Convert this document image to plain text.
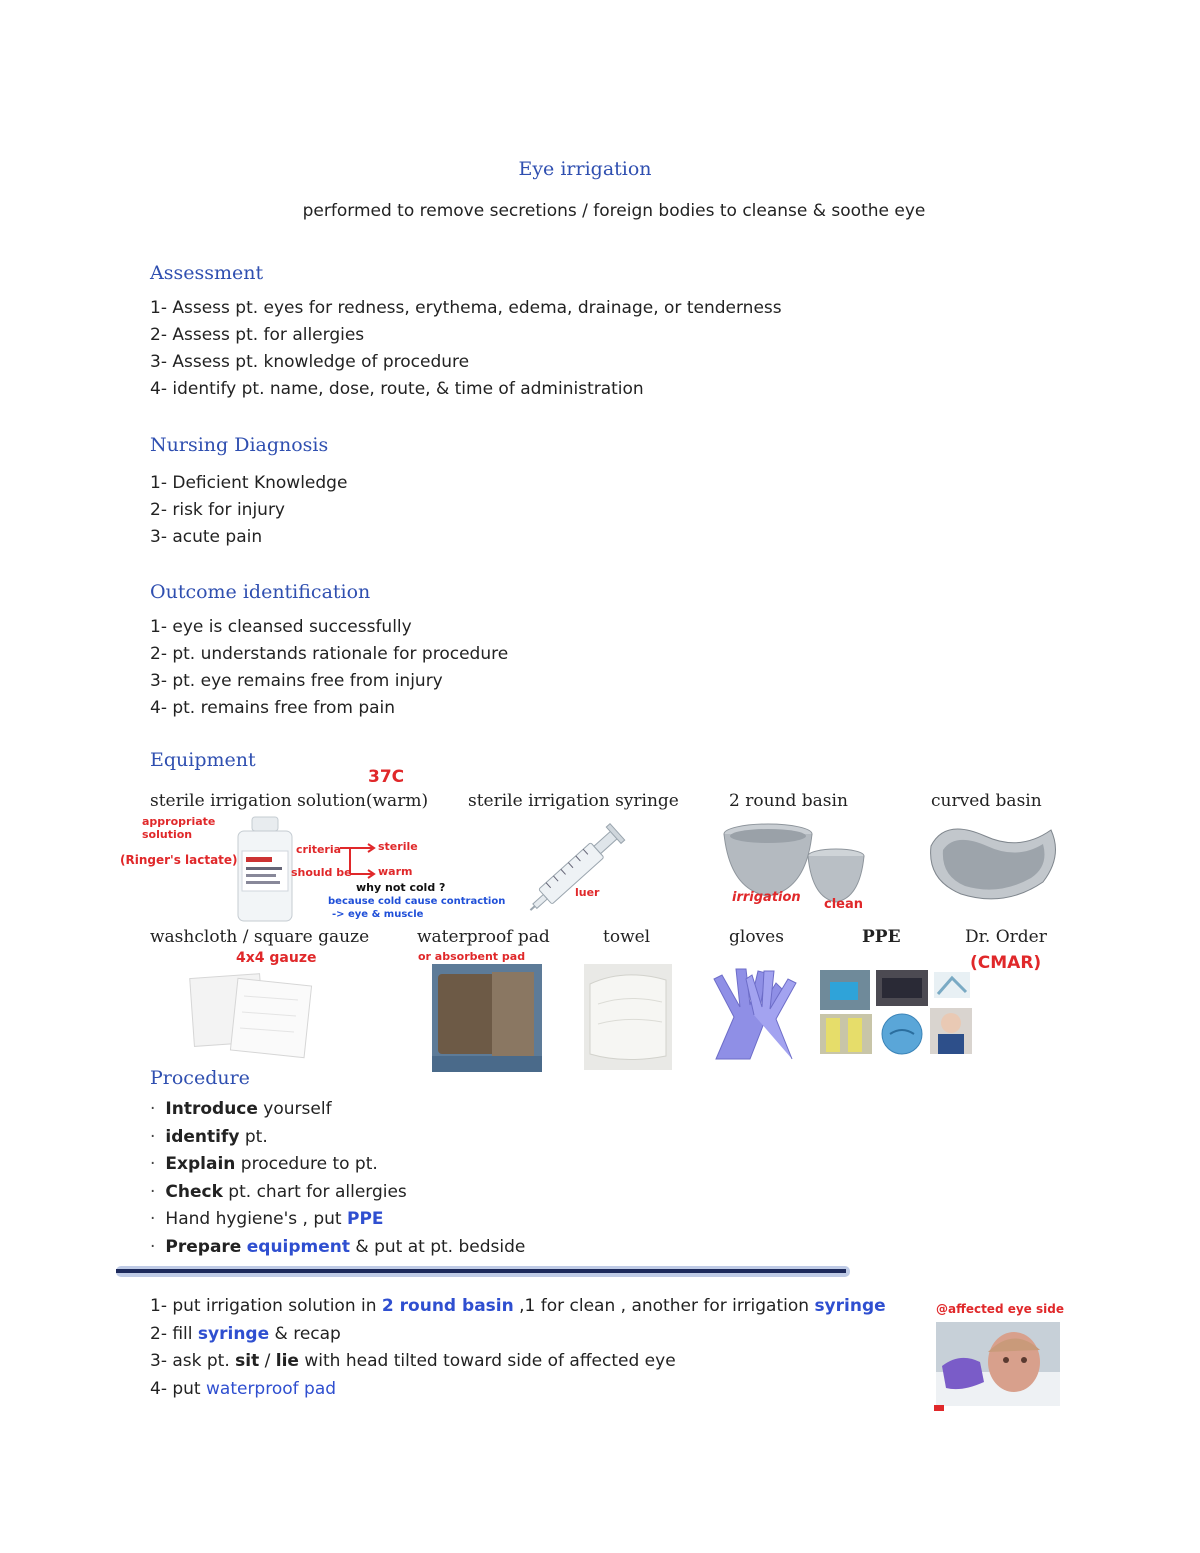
Eye irrigation
performed to remove secretions / foreign bodies to cleanse & soothe eye
Assessment
1- Assess pt. eyes for redness, erythema, edema, drainage, or tenderness
2- Assess pt. for allergies
3- Assess pt. knowledge of procedure
4- identify pt. name, dose, route, & time of administration
Nursing Diagnosis
1- Deficient Knowledge
2- risk for injury
3- acute pain
Outcome identification
1- eye is cleansed successfully
2- pt. understands rationale for procedure
3- pt. eye remains free from injury
4- pt. remains free from pain
Equipment
sterile irrigation solution(warm) sterile irrigation syringe	2 round basin	curved basin
37C
appropriate solution
(Ringer's lactate)
criteria
should be
sterile
warm
why not cold ?
because cold cause contraction
-> eye & muscle
luer	irrigation clean
washcloth / square gauze	waterproof pad	towel	gloves	PPE	Dr. Order
4x4 gauze	or absorbent pad	(CMAR)
Procedure
· Introduce yourself
· identify pt.
· Explain procedure to pt.
· Check pt. chart for allergies
· Hand hygiene's , put PPE
· Prepare equipment & put at pt. bedside
1- put irrigation solution in 2 round basin ,1 for clean , another for irrigation syringe
2- fill syringe & recap
3- ask pt. sit / lie with head tilted toward side of affected eye
4- put waterproof pad
@affected eye side
